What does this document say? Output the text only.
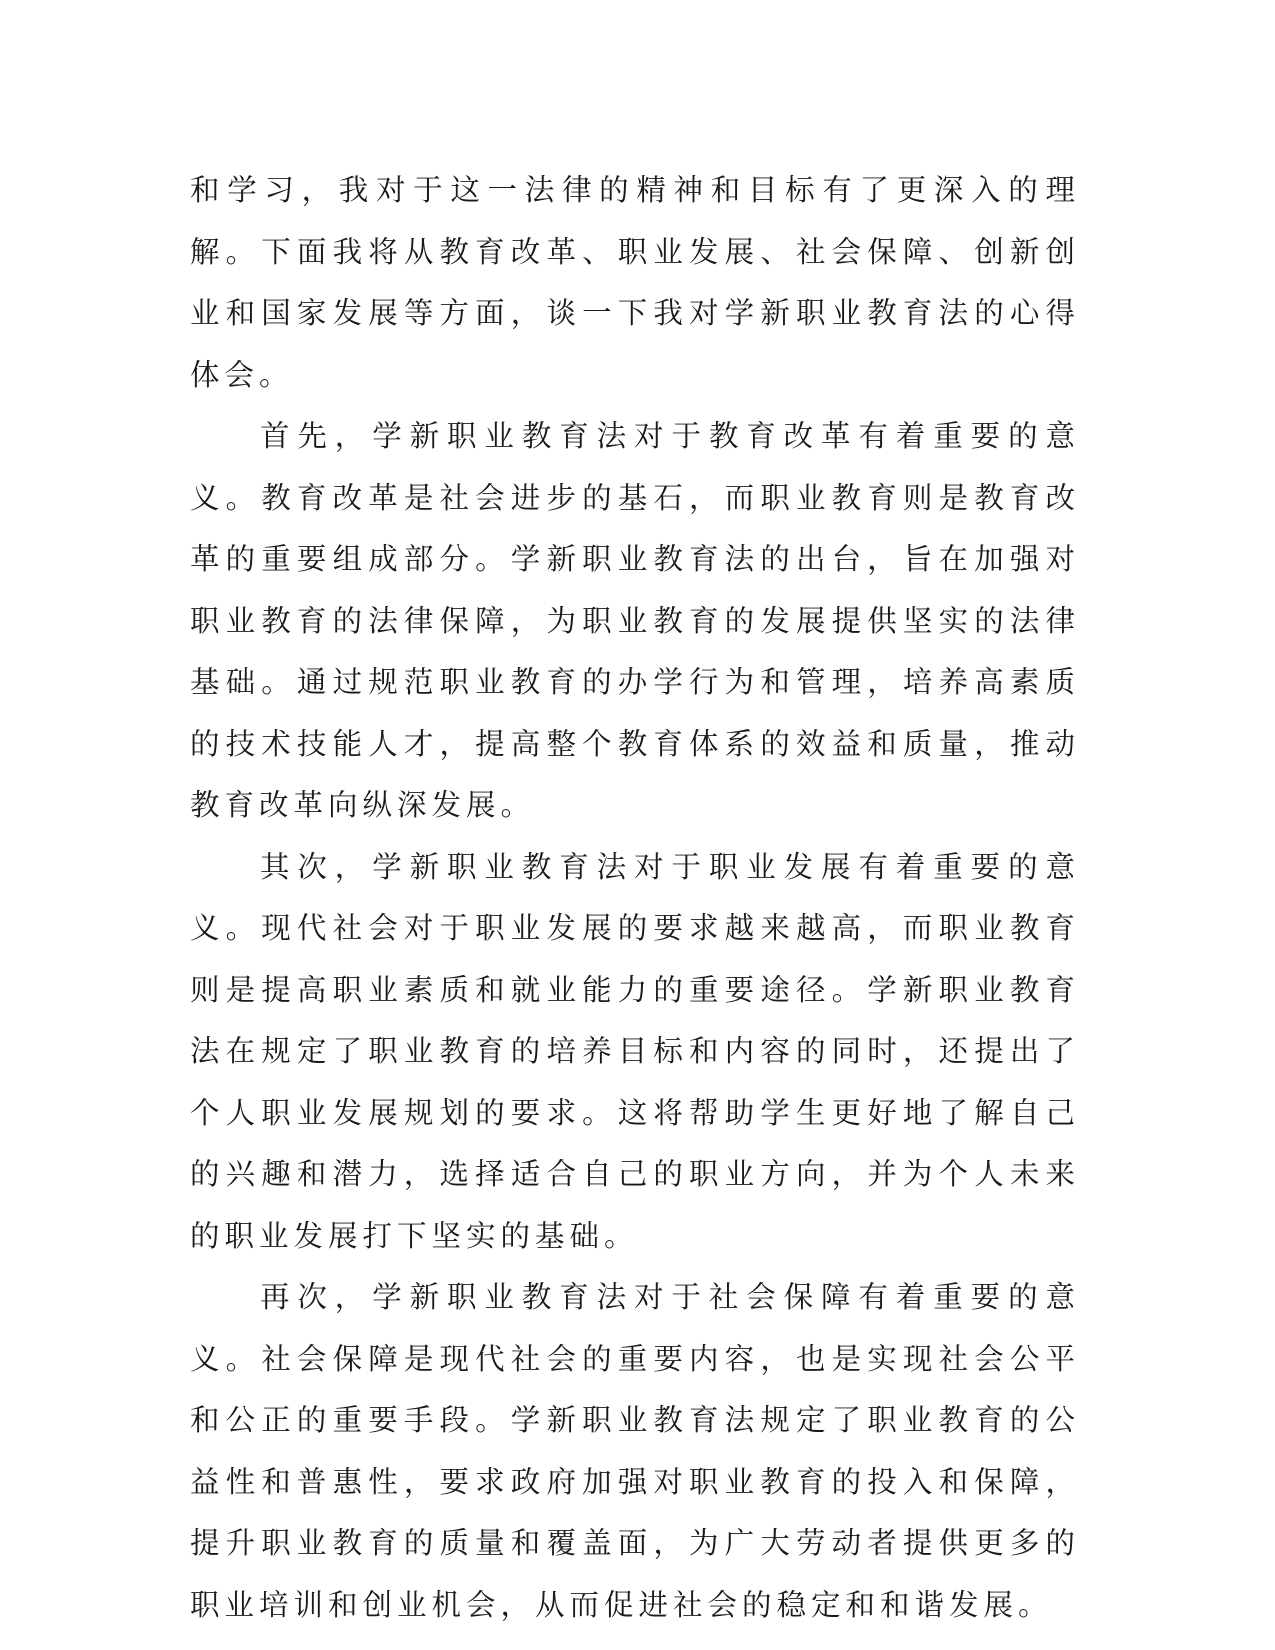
和学习，我对于这一法律的精神和目标有了更深入的理解。下面我将从教育改革、职业发展、社会保障、创新创业和国家发展等方面，谈一下我对学新职业教育法的心得体会。

首先，学新职业教育法对于教育改革有着重要的意义。教育改革是社会进步的基石，而职业教育则是教育改革的重要组成部分。学新职业教育法的出台，旨在加强对职业教育的法律保障，为职业教育的发展提供坚实的法律基础。通过规范职业教育的办学行为和管理，培养高素质的技术技能人才，提高整个教育体系的效益和质量，推动教育改革向纵深发展。

其次，学新职业教育法对于职业发展有着重要的意义。现代社会对于职业发展的要求越来越高，而职业教育则是提高职业素质和就业能力的重要途径。学新职业教育法在规定了职业教育的培养目标和内容的同时，还提出了个人职业发展规划的要求。这将帮助学生更好地了解自己的兴趣和潜力，选择适合自己的职业方向，并为个人未来的职业发展打下坚实的基础。

再次，学新职业教育法对于社会保障有着重要的意义。社会保障是现代社会的重要内容，也是实现社会公平和公正的重要手段。学新职业教育法规定了职业教育的公益性和普惠性，要求政府加强对职业教育的投入和保障，提升职业教育的质量和覆盖面，为广大劳动者提供更多的职业培训和创业机会，从而促进社会的稳定和和谐发展。
